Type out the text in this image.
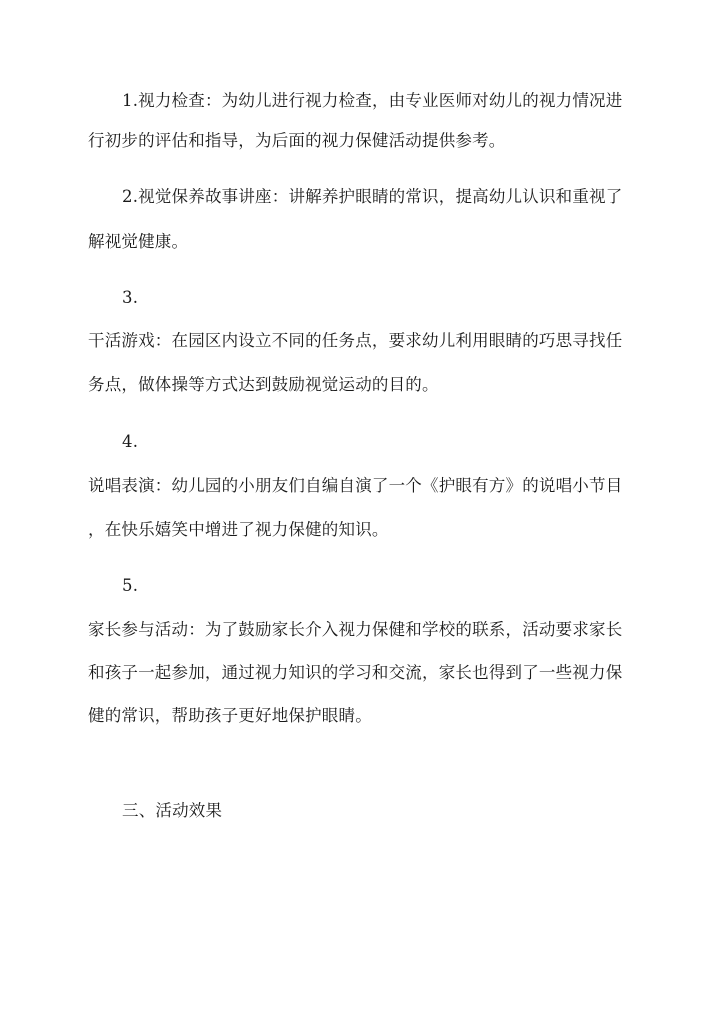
1.视力检查：为幼儿进行视力检查，由专业医师对幼儿的视力情况进
行初步的评估和指导，为后面的视力保健活动提供参考。
2.视觉保养故事讲座：讲解养护眼睛的常识，提高幼儿认识和重视了
解视觉健康。
3.
干活游戏：在园区内设立不同的任务点，要求幼儿利用眼睛的巧思寻找任
务点，做体操等方式达到鼓励视觉运动的目的。
4.
说唱表演：幼儿园的小朋友们自编自演了一个《护眼有方》的说唱小节目
，在快乐嬉笑中增进了视力保健的知识。
5.
家长参与活动：为了鼓励家长介入视力保健和学校的联系，活动要求家长
和孩子一起参加，通过视力知识的学习和交流，家长也得到了一些视力保
健的常识，帮助孩子更好地保护眼睛。
三、活动效果
